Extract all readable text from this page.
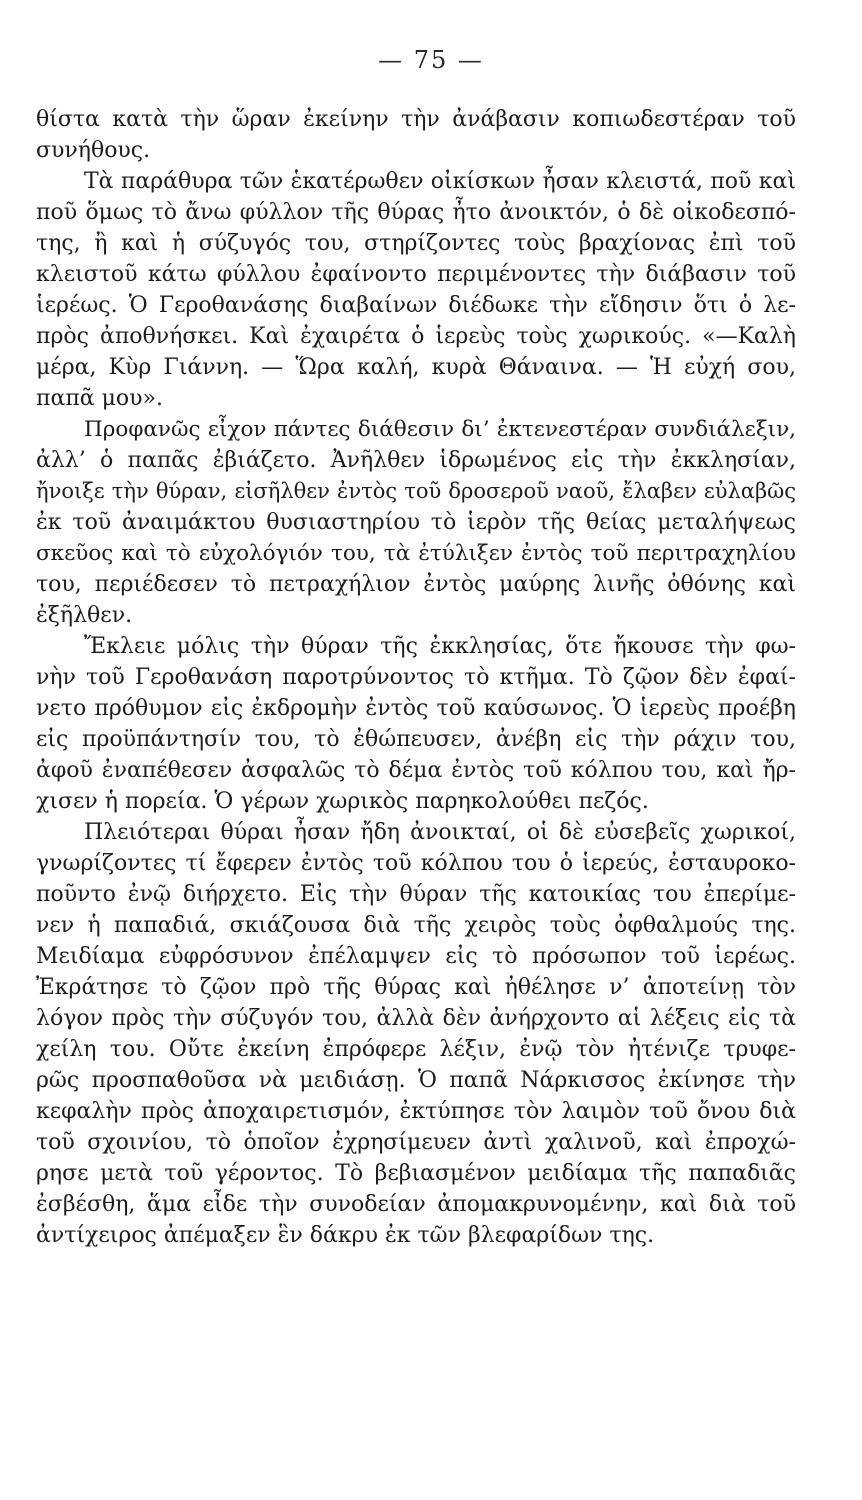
— 75 —
θίστα κατὰ τὴν ὥραν ἐκείνην τὴν ἀνάβασιν κοπιωδεστέραν τοῦ
συνήθους.
Τὰ παράθυρα τῶν ἑκατέρωθεν οἰκίσκων ἦσαν κλειστά, ποῦ καὶ
ποῦ ὅμως τὸ ἄνω φύλλον τῆς θύρας ἦτο ἀνοικτόν, ὁ δὲ οἰκοδεσπό-
της, ἢ καὶ ἡ σύζυγός του, στηρίζοντες τοὺς βραχίονας ἐπὶ τοῦ
κλειστοῦ κάτω φύλλου ἐφαίνοντο περιμένοντες τὴν διάβασιν τοῦ
ἱερέως. Ὁ Γεροθανάσης διαβαίνων διέδωκε τὴν εἴδησιν ὅτι ὁ λε-
πρὸς ἀποθνήσκει. Καὶ ἐχαιρέτα ὁ ἱερεὺς τοὺς χωρικούς. «—Καλὴ
μέρα, Κὺρ Γιάννη. — Ὥρα καλή, κυρὰ Θάναινα. — Ἡ εὐχή σου,
παπᾶ μου».
Προφανῶς εἶχον πάντες διάθεσιν δι’ ἐκτενεστέραν συνδιάλεξιν,
ἀλλ’ ὁ παπᾶς ἐβιάζετο. Ἀνῆλθεν ἱδρωμένος εἰς τὴν ἐκκλησίαν,
ἤνοιξε τὴν θύραν, εἰσῆλθεν ἐντὸς τοῦ δροσεροῦ ναοῦ, ἔλαβεν εὐλαβῶς
ἐκ τοῦ ἀναιμάκτου θυσιαστηρίου τὸ ἱερὸν τῆς θείας μεταλήψεως
σκεῦος καὶ τὸ εὐχολόγιόν του, τὰ ἐτύλιξεν ἐντὸς τοῦ περιτραχηλίου
του, περιέδεσεν τὸ πετραχήλιον ἐντὸς μαύρης λινῆς ὀθόνης καὶ
ἐξῆλθεν.
Ἔκλειε μόλις τὴν θύραν τῆς ἐκκλησίας, ὅτε ἤκουσε τὴν φω-
νὴν τοῦ Γεροθανάση παροτρύνοντος τὸ κτῆμα. Τὸ ζῷον δὲν ἐφαί-
νετο πρόθυμον εἰς ἐκδρομὴν ἐντὸς τοῦ καύσωνος. Ὁ ἱερεὺς προέβη
εἰς προϋπάντησίν του, τὸ ἐθώπευσεν, ἀνέβη εἰς τὴν ράχιν του,
ἀφοῦ ἐναπέθεσεν ἀσφαλῶς τὸ δέμα ἐντὸς τοῦ κόλπου του, καὶ ἤρ-
χισεν ἡ πορεία. Ὁ γέρων χωρικὸς παρηκολούθει πεζός.
Πλειότεραι θύραι ἦσαν ἤδη ἀνοικταί, οἱ δὲ εὐσεβεῖς χωρικοί,
γνωρίζοντες τί ἔφερεν ἐντὸς τοῦ κόλπου του ὁ ἱερεύς, ἐσταυροκο-
ποῦντο ἐνῷ διήρχετο. Εἰς τὴν θύραν τῆς κατοικίας του ἐπερίμε-
νεν ἡ παπαδιά, σκιάζουσα διὰ τῆς χειρὸς τοὺς ὀφθαλμούς της.
Μειδίαμα εὐφρόσυνον ἐπέλαμψεν εἰς τὸ πρόσωπον τοῦ ἱερέως.
Ἐκράτησε τὸ ζῷον πρὸ τῆς θύρας καὶ ἠθέλησε ν’ ἀποτείνῃ τὸν
λόγον πρὸς τὴν σύζυγόν του, ἀλλὰ δὲν ἀνήρχοντο αἱ λέξεις εἰς τὰ
χείλη του. Οὔτε ἐκείνη ἐπρόφερε λέξιν, ἐνῷ τὸν ἠτένιζε τρυφε-
ρῶς προσπαθοῦσα νὰ μειδιάσῃ. Ὁ παπᾶ Νάρκισσος ἐκίνησε τὴν
κεφαλὴν πρὸς ἀποχαιρετισμόν, ἐκτύπησε τὸν λαιμὸν τοῦ ὄνου διὰ
τοῦ σχοινίου, τὸ ὁποῖον ἐχρησίμευεν ἀντὶ χαλινοῦ, καὶ ἐπροχώ-
ρησε μετὰ τοῦ γέροντος. Τὸ βεβιασμένον μειδίαμα τῆς παπαδιᾶς
ἐσβέσθη, ἅμα εἶδε τὴν συνοδείαν ἀπομακρυνομένην, καὶ διὰ τοῦ
ἀντίχειρος ἀπέμαξεν ἓν δάκρυ ἐκ τῶν βλεφαρίδων της.
